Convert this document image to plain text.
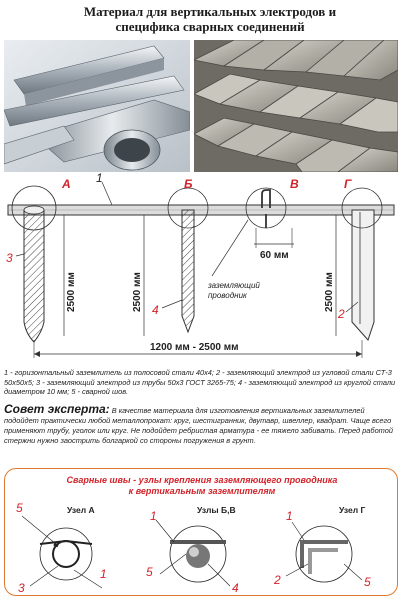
Материал для вертикальных электродов и
специфика сварных соединений
А	Б	В	Г
1
3
4	2
60 мм
заземляющий
проводник
2500 мм	2500 мм	2500 мм
1200 мм - 2500 мм
1 - горизонтальный заземлитель из полосовой стали 40х4; 2 - заземляющий электрод из угловой стали СТ-3 50х50х5; 3 - заземляющий электрод из трубы 50х3 ГОСТ 3265-75; 4 - заземляющий электрод из круглой стали диаметром 10 мм; 5 - сварной шов.
Совет эксперта: В качестве материала для изготовления вертикальных заземлителей подойдет практически любой металлопрокат: круг, шестигранник, двутавр, швеллер, квадрат. Чаще всего применяют трубу, уголок или круг. Не подойдет ребристая арматура - ее тяжело забивать. Перед работой стержни нужно заострить болгаркой со стороны погружения в грунт.
Сварные швы - узлы крепления заземляющего проводника
к вертикальным заземлителям
Узел А	Узлы Б,В	Узел Г
5
1
3
1
5
4
1
2	5
